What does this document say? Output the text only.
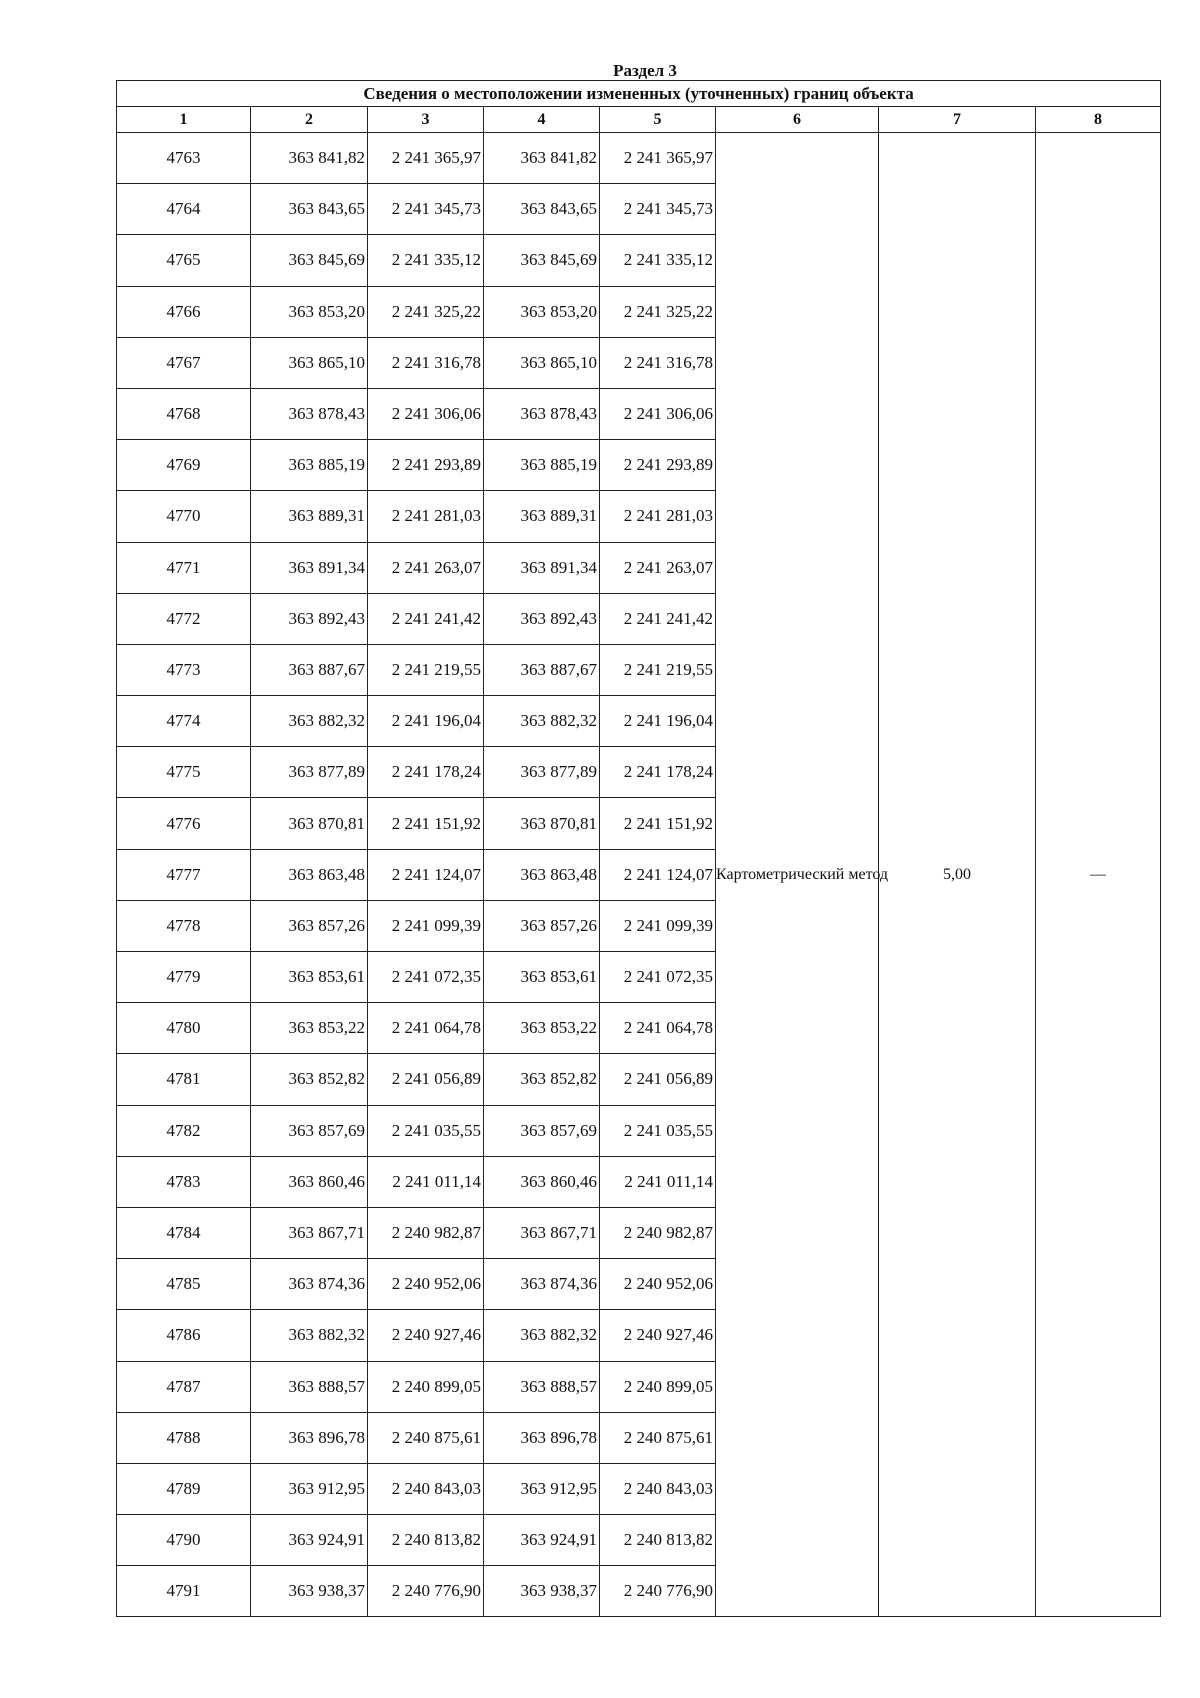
Раздел 3
Сведения о местоположении измененных (уточненных) границ объекта							
1	2	3	4	5	6	7	8
4763	363 841,82	2 241 365,97	363 841,82	2 241 365,97	Картометрический метод	5,00	—
4764	363 843,65	2 241 345,73	363 843,65	2 241 345,73			
4765	363 845,69	2 241 335,12	363 845,69	2 241 335,12			
4766	363 853,20	2 241 325,22	363 853,20	2 241 325,22			
4767	363 865,10	2 241 316,78	363 865,10	2 241 316,78			
4768	363 878,43	2 241 306,06	363 878,43	2 241 306,06			
4769	363 885,19	2 241 293,89	363 885,19	2 241 293,89			
4770	363 889,31	2 241 281,03	363 889,31	2 241 281,03			
4771	363 891,34	2 241 263,07	363 891,34	2 241 263,07			
4772	363 892,43	2 241 241,42	363 892,43	2 241 241,42			
4773	363 887,67	2 241 219,55	363 887,67	2 241 219,55			
4774	363 882,32	2 241 196,04	363 882,32	2 241 196,04			
4775	363 877,89	2 241 178,24	363 877,89	2 241 178,24			
4776	363 870,81	2 241 151,92	363 870,81	2 241 151,92			
4777	363 863,48	2 241 124,07	363 863,48	2 241 124,07			
4778	363 857,26	2 241 099,39	363 857,26	2 241 099,39			
4779	363 853,61	2 241 072,35	363 853,61	2 241 072,35			
4780	363 853,22	2 241 064,78	363 853,22	2 241 064,78			
4781	363 852,82	2 241 056,89	363 852,82	2 241 056,89			
4782	363 857,69	2 241 035,55	363 857,69	2 241 035,55			
4783	363 860,46	2 241 011,14	363 860,46	2 241 011,14			
4784	363 867,71	2 240 982,87	363 867,71	2 240 982,87			
4785	363 874,36	2 240 952,06	363 874,36	2 240 952,06			
4786	363 882,32	2 240 927,46	363 882,32	2 240 927,46			
4787	363 888,57	2 240 899,05	363 888,57	2 240 899,05			
4788	363 896,78	2 240 875,61	363 896,78	2 240 875,61			
4789	363 912,95	2 240 843,03	363 912,95	2 240 843,03			
4790	363 924,91	2 240 813,82	363 924,91	2 240 813,82			
4791	363 938,37	2 240 776,90	363 938,37	2 240 776,90			
